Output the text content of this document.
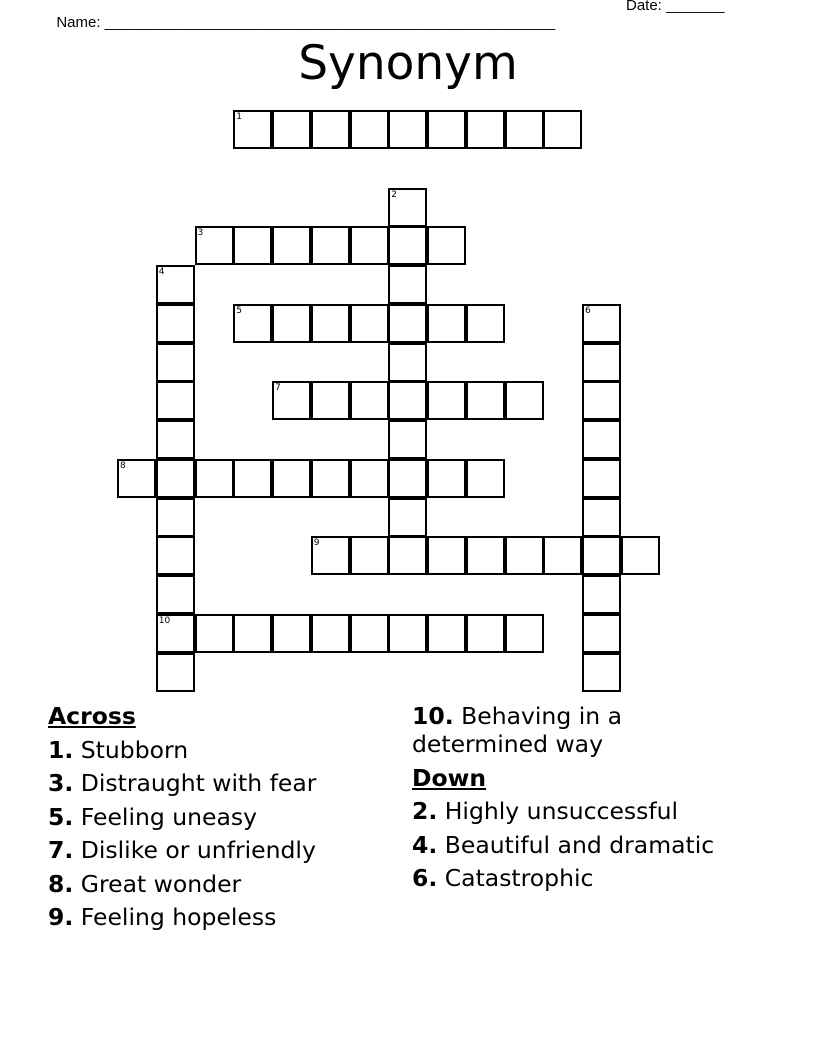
Name: ______________________________________________________

Date: _______

Synonym
1
2
3
4
10
5	6
7
8
9
Across
1. Stubborn
3. Distraught with fear
5. Feeling uneasy
7. Dislike or unfriendly
8. Great wonder
9. Feeling hopeless
10. Behaving in a determined way
Down
2. Highly unsuccessful
4. Beautiful and dramatic
6. Catastrophic
